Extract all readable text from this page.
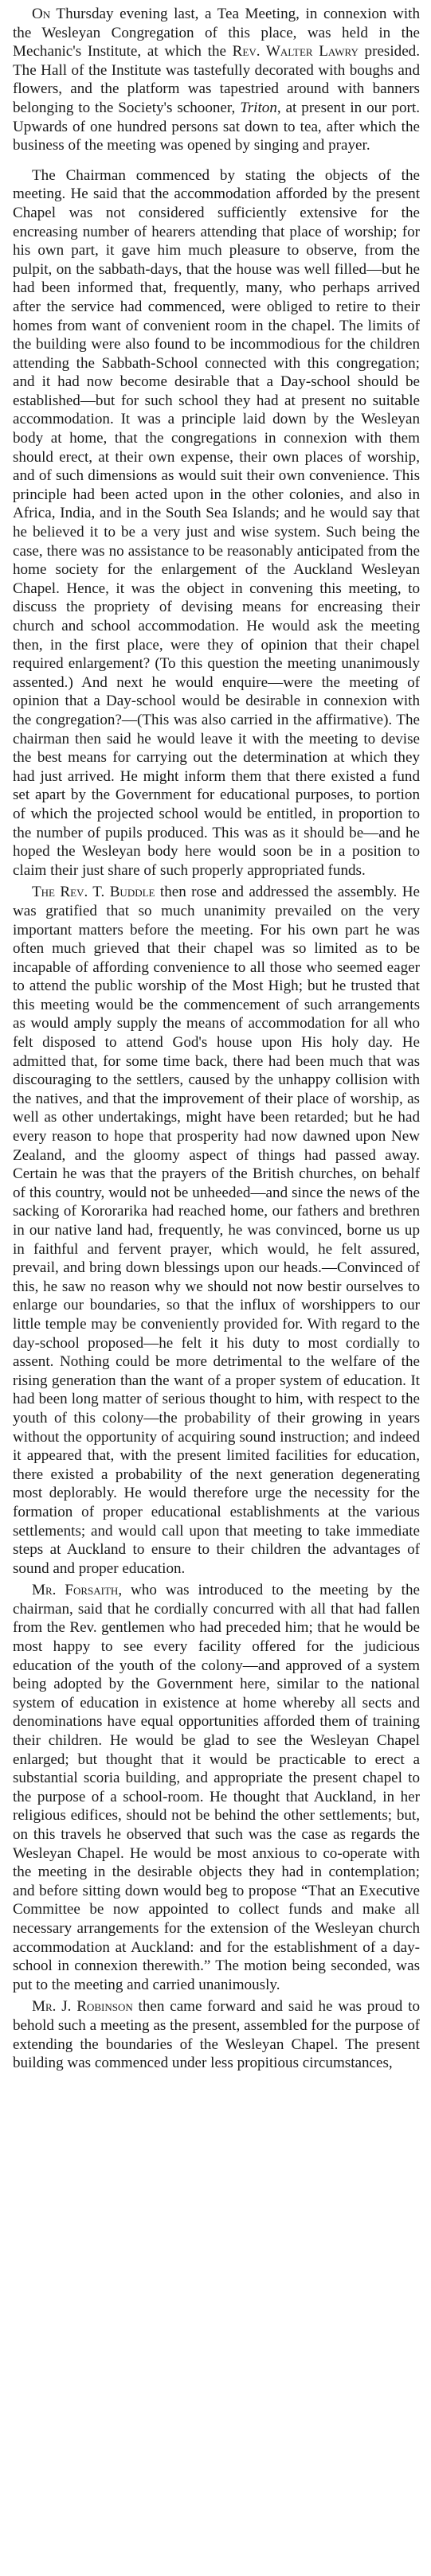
On Thursday evening last, a Tea Meeting, in connexion with the Wesleyan Congregation of this place, was held in the Mechanic's Institute, at which the Rev. Walter Lawry presided. The Hall of the Institute was tastefully decorated with boughs and flowers, and the platform was tapestried around with banners belonging to the Society's schooner, Triton, at present in our port. Upwards of one hundred persons sat down to tea, after which the business of the meeting was opened by singing and prayer.

The Chairman commenced by stating the objects of the meeting. He said that the accommodation afforded by the present Chapel was not considered sufficiently extensive for the encreasing number of hearers attending that place of worship; for his own part, it gave him much pleasure to observe, from the pulpit, on the sabbath-days, that the house was well filled—but he had been informed that, frequently, many, who perhaps arrived after the service had commenced, were obliged to retire to their homes from want of convenient room in the chapel. The limits of the building were also found to be incommodious for the children attending the Sabbath-School connected with this congregation; and it had now become desirable that a Day-school should be established—but for such school they had at present no suitable accommodation. It was a principle laid down by the Wesleyan body at home, that the congregations in connexion with them should erect, at their own expense, their own places of worship, and of such dimensions as would suit their own convenience. This principle had been acted upon in the other colonies, and also in Africa, India, and in the South Sea Islands; and he would say that he believed it to be a very just and wise system. Such being the case, there was no assistance to be reasonably anticipated from the home society for the enlargement of the Auckland Wesleyan Chapel. Hence, it was the object in convening this meeting, to discuss the propriety of devising means for encreasing their church and school accommodation. He would ask the meeting then, in the first place, were they of opinion that their chapel required enlargement? (To this question the meeting unanimously assented.) And next he would enquire—were the meeting of opinion that a Day-school would be desirable in connexion with the congregation?—(This was also carried in the affirmative). The chairman then said he would leave it with the meeting to devise the best means for carrying out the determination at which they had just arrived. He might inform them that there existed a fund set apart by the Government for educational purposes, to portion of which the projected school would be entitled, in proportion to the number of pupils produced. This was as it should be—and he hoped the Wesleyan body here would soon be in a position to claim their just share of such properly appropriated funds.

The Rev. T. Buddle then rose and addressed the assembly. He was gratified that so much unanimity prevailed on the very important matters before the meeting. For his own part he was often much grieved that their chapel was so limited as to be incapable of affording convenience to all those who seemed eager to attend the public worship of the Most High; but he trusted that this meeting would be the commencement of such arrangements as would amply supply the means of accommodation for all who felt disposed to attend God's house upon His holy day. He admitted that, for some time back, there had been much that was discouraging to the settlers, caused by the unhappy collision with the natives, and that the improvement of their place of worship, as well as other undertakings, might have been retarded; but he had every reason to hope that prosperity had now dawned upon New Zealand, and the gloomy aspect of things had passed away. Certain he was that the prayers of the British churches, on behalf of this country, would not be unheeded—and since the news of the sacking of Kororarika had reached home, our fathers and brethren in our native land had, frequently, he was convinced, borne us up in faithful and fervent prayer, which would, he felt assured, prevail, and bring down blessings upon our heads.—Convinced of this, he saw no reason why we should not now bestir ourselves to enlarge our boundaries, so that the influx of worshippers to our little temple may be conveniently provided for. With regard to the day-school proposed—he felt it his duty to most cordially to assent. Nothing could be more detrimental to the welfare of the rising generation than the want of a proper system of education. It had been long matter of serious thought to him, with respect to the youth of this colony—the probability of their growing in years without the opportunity of acquiring sound instruction; and indeed it appeared that, with the present limited facilities for education, there existed a probability of the next generation degenerating most deplorably. He would therefore urge the necessity for the formation of proper educational establishments at the various settlements; and would call upon that meeting to take immediate steps at Auckland to ensure to their children the advantages of sound and proper education.

Mr. Forsaith, who was introduced to the meeting by the chairman, said that he cordially concurred with all that had fallen from the Rev. gentlemen who had preceded him; that he would be most happy to see every facility offered for the judicious education of the youth of the colony—and approved of a system being adopted by the Government here, similar to the national system of education in existence at home whereby all sects and denominations have equal opportunities afforded them of training their children. He would be glad to see the Wesleyan Chapel enlarged; but thought that it would be practicable to erect a substantial scoria building, and appropriate the present chapel to the purpose of a school-room. He thought that Auckland, in her religious edifices, should not be behind the other settlements; but, on this travels he observed that such was the case as regards the Wesleyan Chapel. He would be most anxious to co-operate with the meeting in the desirable objects they had in contemplation; and before sitting down would beg to propose “That an Executive Committee be now appointed to collect funds and make all necessary arrangements for the extension of the Wesleyan church accommodation at Auckland: and for the establishment of a day-school in connexion therewith.” The motion being seconded, was put to the meeting and carried unanimously.

Mr. J. Robinson then came forward and said he was proud to behold such a meeting as the present, assembled for the purpose of extending the boundaries of the Wesleyan Chapel. The present building was commenced under less propitious circumstances,
